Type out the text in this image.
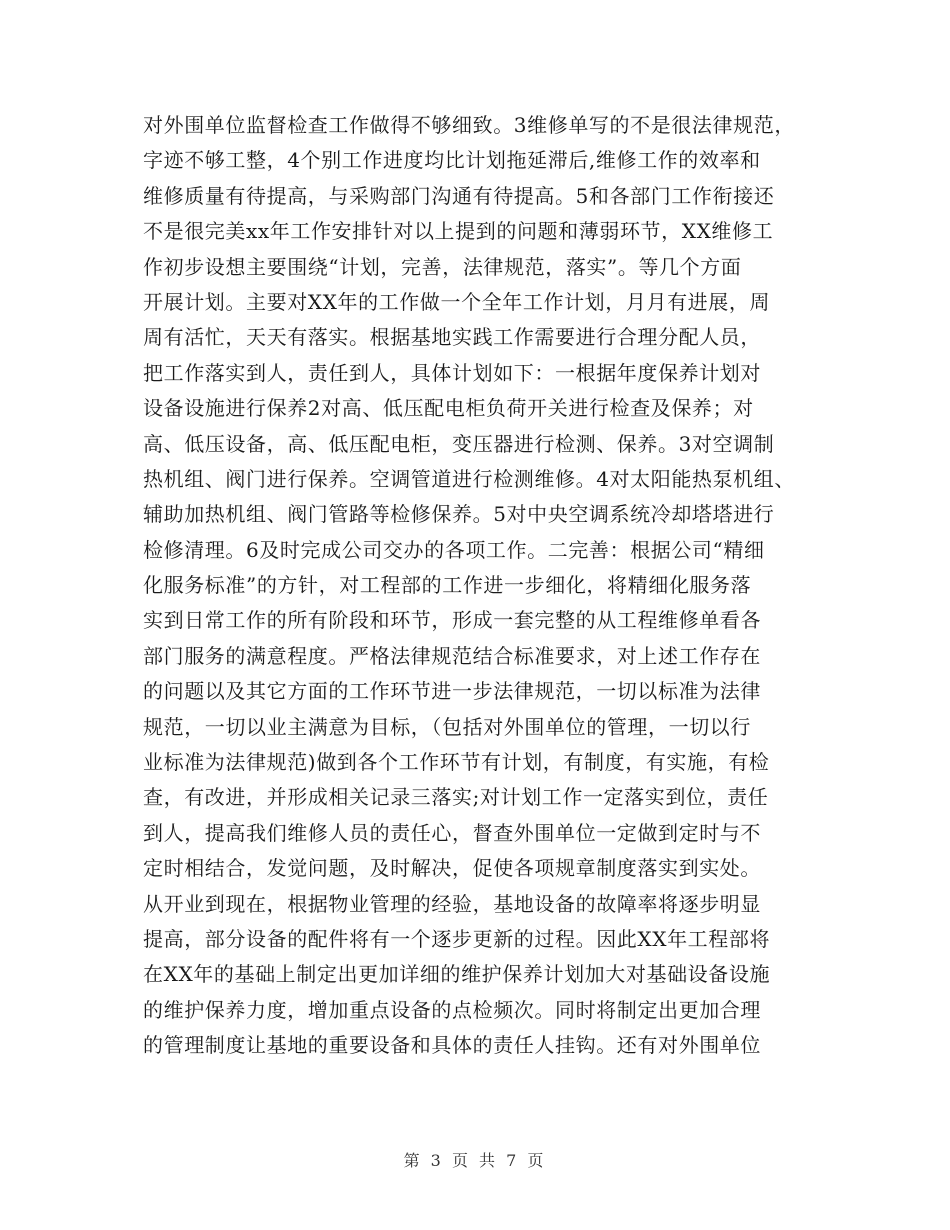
对外围单位监督检查工作做得不够细致。3维修单写的不是很法律规范，
字迹不够工整，4个别工作进度均比计划拖延滞后,维修工作的效率和
维修质量有待提高，与采购部门沟通有待提高。5和各部门工作衔接还
不是很完美xx年工作安排针对以上提到的问题和薄弱环节，XX维修工
作初步设想主要围绕“计划，完善，法律规范，落实”。等几个方面
开展计划。主要对XX年的工作做一个全年工作计划，月月有进展，周
周有活忙，天天有落实。根据基地实践工作需要进行合理分配人员，
把工作落实到人，责任到人，具体计划如下：一根据年度保养计划对
设备设施进行保养2对高、低压配电柜负荷开关进行检查及保养；对
高、低压设备，高、低压配电柜，变压器进行检测、保养。3对空调制
热机组、阀门进行保养。空调管道进行检测维修。4对太阳能热泵机组、
辅助加热机组、阀门管路等检修保养。5对中央空调系统冷却塔塔进行
检修清理。6及时完成公司交办的各项工作。二完善：根据公司“精细
化服务标准”的方针，对工程部的工作进一步细化，将精细化服务落
实到日常工作的所有阶段和环节，形成一套完整的从工程维修单看各
部门服务的满意程度。严格法律规范结合标准要求，对上述工作存在
的问题以及其它方面的工作环节进一步法律规范，一切以标准为法律
规范，一切以业主满意为目标，（包括对外围单位的管理，一切以行
业标准为法律规范)做到各个工作环节有计划，有制度，有实施，有检
查，有改进，并形成相关记录三落实;对计划工作一定落实到位，责任
到人，提高我们维修人员的责任心，督查外围单位一定做到定时与不
定时相结合，发觉问题，及时解决，促使各项规章制度落实到实处。
从开业到现在，根据物业管理的经验，基地设备的故障率将逐步明显
提高，部分设备的配件将有一个逐步更新的过程。因此XX年工程部将
在XX年的基础上制定出更加详细的维护保养计划加大对基础设备设施
的维护保养力度，增加重点设备的点检频次。同时将制定出更加合理
的管理制度让基地的重要设备和具体的责任人挂钩。还有对外围单位
第 3 页 共 7 页
